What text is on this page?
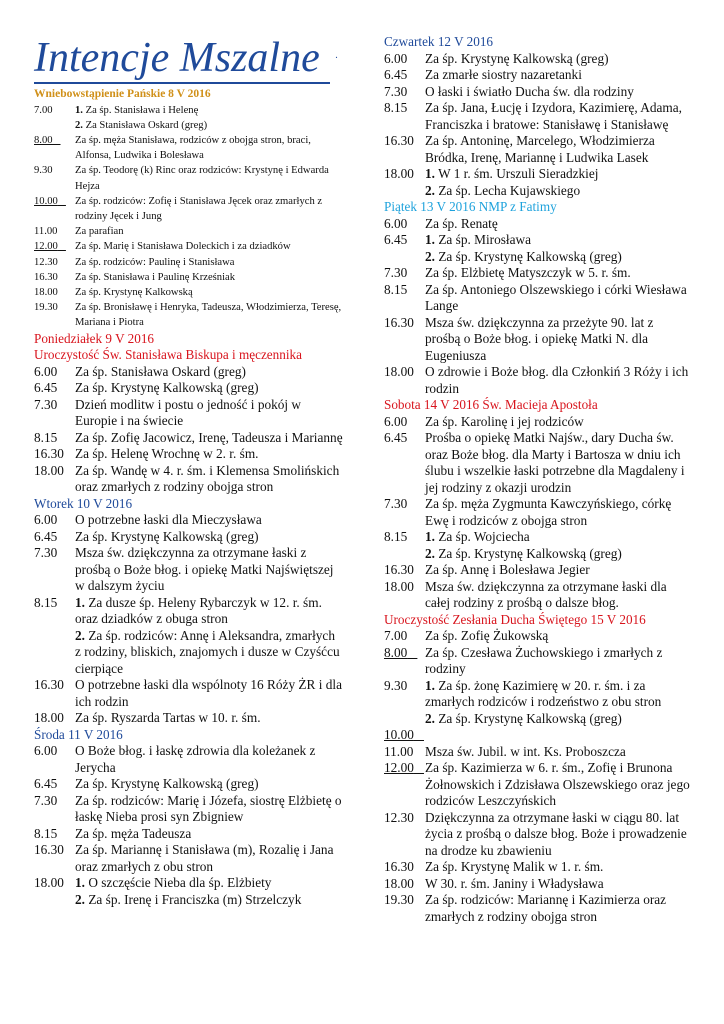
Intencje Mszalne .
Wniebowstąpienie Pańskie 8 V 2016
7.00	1. Za śp. Stanisława i Helenę
2. Za Stanisława Oskard (greg)
8.00	Za śp. męża Stanisława, rodziców z obojga stron, braci, Alfonsa, Ludwika i Bolesława
9.30	Za śp. Teodorę (k) Rinc oraz rodziców: Krystynę i Edwarda Hejza
10.00	Za śp. rodziców: Zofię i Stanisława Jęcek oraz zmarłych z rodziny Jęcek i Jung
11.00	Za parafian
12.00	Za śp. Marię i Stanisława Doleckich i za dziadków
12.30	Za śp. rodziców: Paulinę i Stanisława
16.30	Za śp. Stanisława i Paulinę Krześniak
18.00	Za śp. Krystynę Kalkowską
19.30	Za śp. Bronisławę i Henryka, Tadeusza, Włodzimierza, Teresę, Mariana i Piotra
Poniedziałek 9 V 2016
Uroczystość Św. Stanisława Biskupa i męczennika
6.00	Za śp. Stanisława Oskard (greg)
6.45	Za śp. Krystynę Kalkowską (greg)
7.30	Dzień modlitw i postu o jedność i pokój w Europie i na świecie
8.15	Za śp. Zofię Jacowicz, Irenę, Tadeusza i Mariannę
16.30 Za śp. Helenę Wrochnę w 2. r. śm.
18.00 Za śp. Wandę w 4. r. śm. i Klemensa Smolińskich oraz zmarłych z rodziny obojga stron
Wtorek 10 V 2016
6.00	O potrzebne łaski dla Mieczysława
6.45	Za śp. Krystynę Kalkowską (greg)
7.30	Msza św. dziękczynna za otrzymane łaski z prośbą o Boże błog. i opiekę Matki Najświętszej w dalszym życiu
8.15	1. Za dusze śp. Heleny Rybarczyk w 12. r. śm. oraz dziadków z obuga stron
2. Za śp. rodziców: Annę i Aleksandra, zmarłych z rodziny, bliskich, znajomych i dusze w Czyśćcu cierpiące
16.30 O potrzebne łaski dla wspólnoty 16 Róży ŻR i dla ich rodzin
18.00 Za śp. Ryszarda Tartas w 10. r. śm.
Środa 11 V 2016
6.00	O Boże błog. i łaskę zdrowia dla koleżanek z Jerycha
6.45	Za śp. Krystynę Kalkowską (greg)
7.30	Za śp. rodziców: Marię i Józefa, siostrę Elżbietę o łaskę Nieba prosi syn Zbigniew
8.15	Za śp. męża Tadeusza
16.30 Za śp. Mariannę i Stanisława (m), Rozalię i Jana oraz zmarłych z obu stron
18.00 1. O szczęście Nieba dla śp. Elżbiety
2. Za śp. Irenę i Franciszka (m) Strzelczyk
Czwartek 12 V 2016
6.00	Za śp. Krystynę Kalkowską (greg)
6.45	Za zmarłe siostry nazaretanki
7.30	O łaski i światło Ducha św. dla rodziny
8.15	Za śp. Jana, Łucję i Izydora, Kazimierę, Adama, Franciszka i bratowe: Stanisławę i Stanisławę
16.30 Za śp. Antoninę, Marcelego, Włodzimierza Bródka, Irenę, Mariannę i Ludwika Lasek
18.00 1. W 1 r. śm. Urszuli Sieradzkiej
2. Za śp. Lecha Kujawskiego
Piątek 13 V 2016 NMP z Fatimy
6.00	Za śp. Renatę
6.45	1. Za śp. Mirosława
2. Za śp. Krystynę Kalkowską (greg)
7.30	Za śp. Elżbietę Matyszczyk w 5. r. śm.
8.15	Za śp. Antoniego Olszewskiego i córki Wiesława Lange
16.30 Msza św. dziękczynna za przeżyte 90. lat z prośbą o Boże błog. i opiekę Matki N. dla Eugeniusza
18.00 O zdrowie i Boże błog. dla Członkiń 3 Róży i ich rodzin
Sobota 14 V 2016 Św. Macieja Apostoła
6.00	Za śp. Karolinę i jej rodziców
6.45	Prośba o opiekę Matki Najśw., dary Ducha św. oraz Boże błog. dla Marty i Bartosza w dniu ich ślubu i wszelkie łaski potrzebne dla Magdaleny i jej rodziny z okazji urodzin
7.30	Za śp. męża Zygmunta Kawczyńskiego, córkę Ewę i rodziców z obojga stron
8.15	1. Za śp. Wojciecha
2. Za śp. Krystynę Kalkowską (greg)
16.30 Za śp. Annę i Bolesława Jegier
18.00 Msza św. dziękczynna za otrzymane łaski dla całej rodziny z prośbą o dalsze błog.
Uroczystość Zesłania Ducha Świętego 15 V 2016
7.00	Za śp. Zofię Żukowską
8.00	Za śp. Czesława Żuchowskiego i zmarłych z rodziny
9.30	1. Za śp. żonę Kazimierę w 20. r. śm. i za zmarłych rodziców i rodzeństwo z obu stron
2. Za śp. Krystynę Kalkowską (greg)
10.00
11.00 Msza św. Jubil. w int. Ks. Proboszcza
12.00 Za śp. Kazimierza w 6. r. śm., Zofię i Brunona Żołnowskich i Zdzisława Olszewskiego oraz jego rodziców Leszczyńskich
12.30 Dziękczynna za otrzymane łaski w ciągu 80. lat życia z prośbą o dalsze błog. Boże i prowadzenie na drodze ku zbawieniu
16.30 Za śp. Krystynę Malik w 1. r. śm.
18.00 W 30. r. śm. Janiny i Władysława
19.30 Za śp. rodziców: Mariannę i Kazimierza oraz zmarłych z rodziny obojga stron
